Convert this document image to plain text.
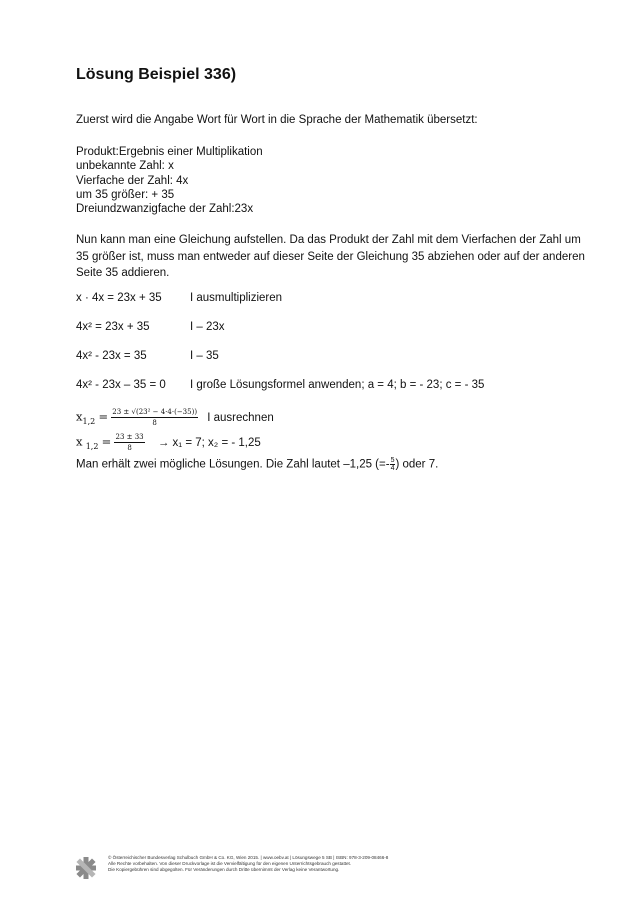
Lösung Beispiel 336)
Zuerst wird die Angabe Wort für Wort in die Sprache der Mathematik übersetzt:
Produkt:Ergebnis einer Multiplikation
unbekannte Zahl: x
Vierfache der Zahl: 4x
um 35 größer: + 35
Dreiundzwanzigfache der Zahl:23x
Nun kann man eine Gleichung aufstellen. Da das Produkt der Zahl mit dem Vierfachen der Zahl um 35 größer ist, muss man entweder auf dieser Seite der Gleichung 35 abziehen oder auf der anderen Seite 35 addieren.
x · 4x = 23x + 35 I ausmultiplizieren
4x² = 23x + 35	I – 23x
4x² - 23x = 35	I – 35
4x² - 23x – 35 = 0 I große Lösungsformel anwenden; a = 4; b = - 23; c = - 35
$x_{1,2} = \frac{\text{23 ± √(23² − 4·4·(−35))}}{8}$ I ausrechnen
x $_{1,2} = \frac{23 \pm 33}{8} \to x_1 = 7$; x₂ = - 1,25
Man erhält zwei mögliche Lösungen. Die Zahl lautet –1,25 (=- $\frac{5}{4}$ ) oder 7.
© Österreichischer Bundesverlag Schulbuch GmbH & Co. KG, Wien 2015. | www.oebv.at | Lösungswege 5 SB | ISBN: 978-3-209-08466-8
Alle Rechte vorbehalten. Von dieser Druckvorlage ist die Vervielfältigung für den eigenen Unterrichtsgebrauch gestattet.
Die Kopiergebühren sind abgegolten. Für Veränderungen durch Dritte übernimmt der Verlag keine Verantwortung.
